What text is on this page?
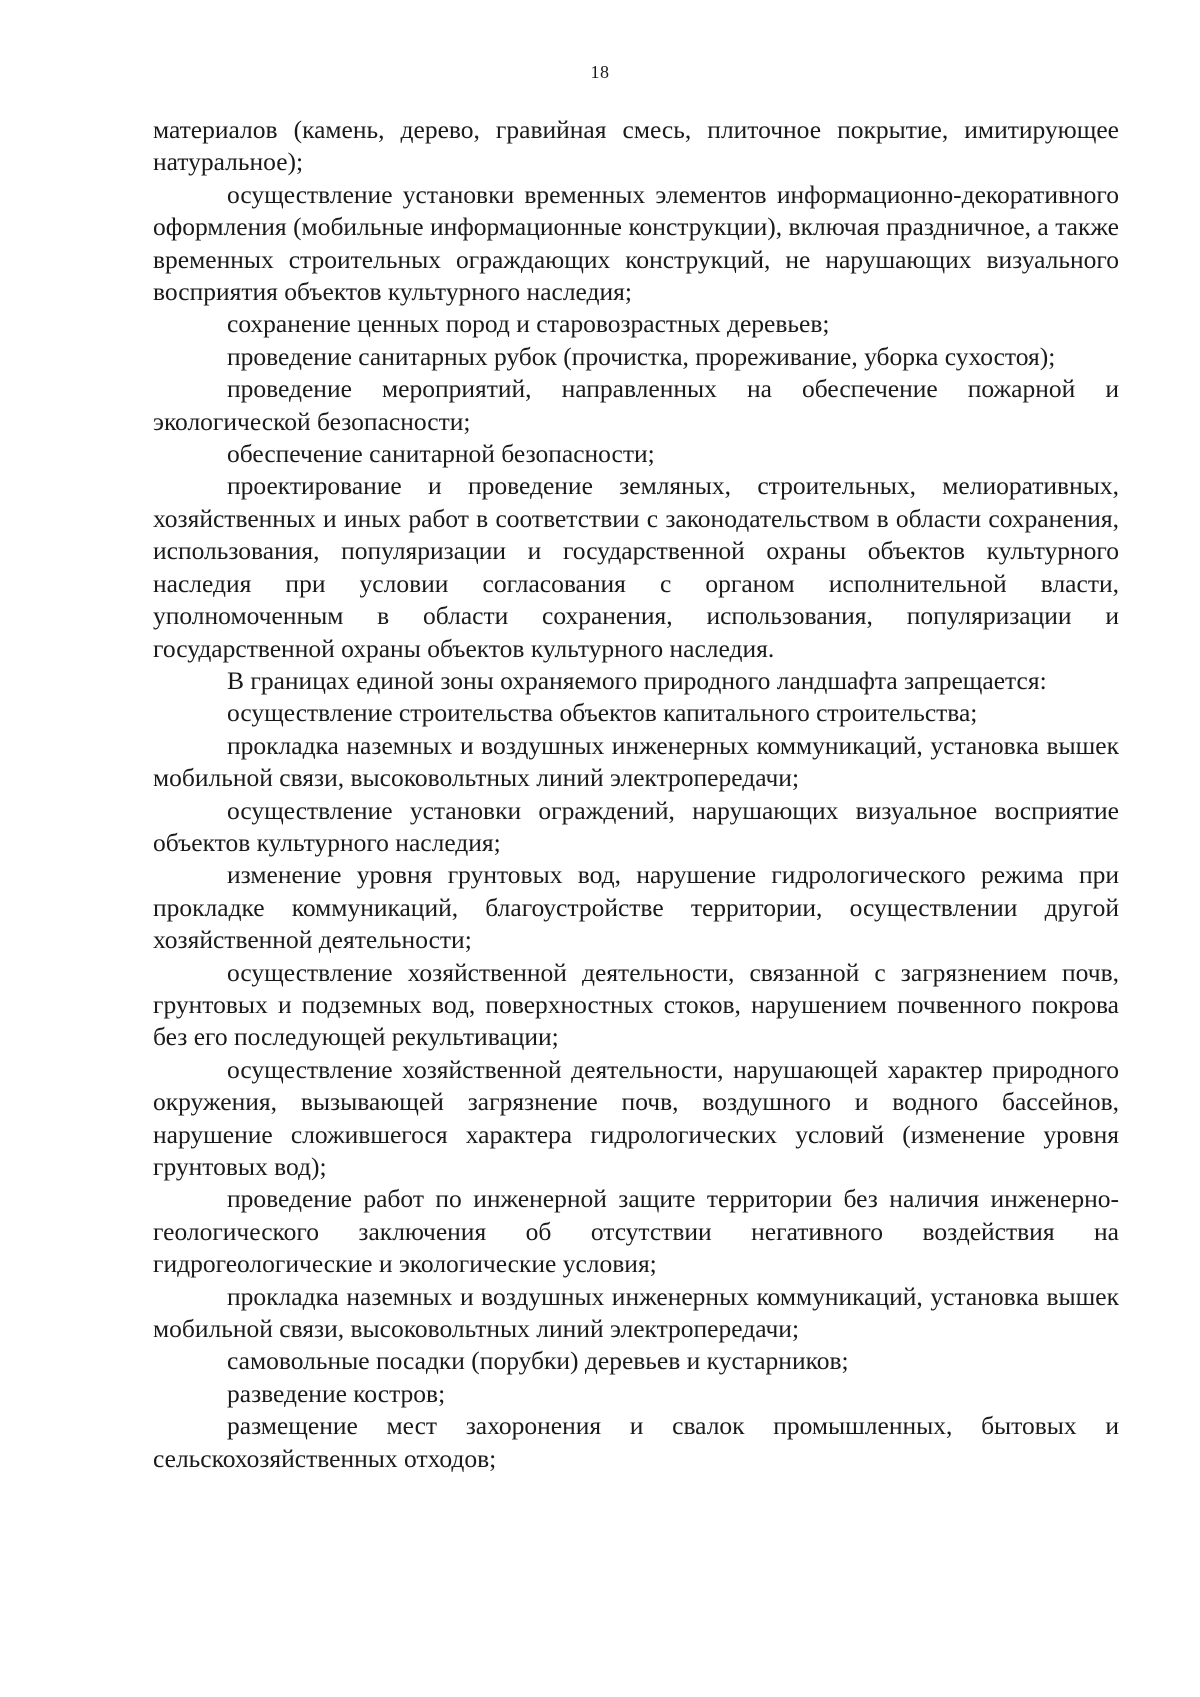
18

материалов (камень, дерево, гравийная смесь, плиточное покрытие, имитирующее натуральное);

осуществление установки временных элементов информационно-декоративного оформления (мобильные информационные конструкции), включая праздничное, а также временных строительных ограждающих конструкций, не нарушающих визуального восприятия объектов культурного наследия;

сохранение ценных пород и старовозрастных деревьев;

проведение санитарных рубок (прочистка, прореживание, уборка сухостоя);

проведение мероприятий, направленных на обеспечение пожарной и экологической безопасности;

обеспечение санитарной безопасности;

проектирование и проведение земляных, строительных, мелиоративных, хозяйственных и иных работ в соответствии с законодательством в области сохранения, использования, популяризации и государственной охраны объектов культурного наследия при условии согласования с органом исполнительной власти, уполномоченным в области сохранения, использования, популяризации и государственной охраны объектов культурного наследия.

В границах единой зоны охраняемого природного ландшафта запрещается:

осуществление строительства объектов капитального строительства;

прокладка наземных и воздушных инженерных коммуникаций, установка вышек мобильной связи, высоковольтных линий электропередачи;

осуществление установки ограждений, нарушающих визуальное восприятие объектов культурного наследия;

изменение уровня грунтовых вод, нарушение гидрологического режима при прокладке коммуникаций, благоустройстве территории, осуществлении другой хозяйственной деятельности;

осуществление хозяйственной деятельности, связанной с загрязнением почв, грунтовых и подземных вод, поверхностных стоков, нарушением почвенного покрова без его последующей рекультивации;

осуществление хозяйственной деятельности, нарушающей характер природного окружения, вызывающей загрязнение почв, воздушного и водного бассейнов, нарушение сложившегося характера гидрологических условий (изменение уровня грунтовых вод);

проведение работ по инженерной защите территории без наличия инженерно-геологического заключения об отсутствии негативного воздействия на гидрогеологические и экологические условия;

прокладка наземных и воздушных инженерных коммуникаций, установка вышек мобильной связи, высоковольтных линий электропередачи;

самовольные посадки (порубки) деревьев и кустарников;

разведение костров;

размещение мест захоронения и свалок промышленных, бытовых и сельскохозяйственных отходов;
